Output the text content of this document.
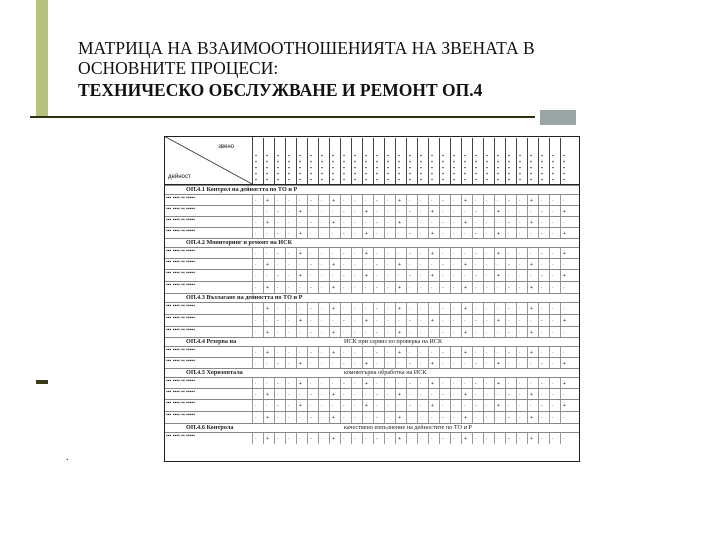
МАТРИЦА НА ВЗАИМООТНОШЕНИЯТА НА ЗВЕНАТА В
ОСНОВНИТЕ ПРОЦЕСИ:
ТЕХНИЧЕСКО ОБСЛУЖВАНЕ И РЕМОНТ ОП.4
.
звено
дейност	▪▪▪▪▪ ▪▪▪▪▪ ▪▪▪▪▪ ▪▪▪▪▪ ▪▪▪▪▪ ▪▪▪▪▪ ▪▪▪▪▪ ▪▪▪▪▪ ▪▪▪▪▪ ▪▪▪▪▪ ▪▪▪▪▪ ▪▪▪▪▪ ▪▪▪▪▪ ▪▪▪▪▪ ▪▪▪▪▪ ▪▪▪▪▪ ▪▪▪▪▪ ▪▪▪▪▪ ▪▪▪▪▪ ▪▪▪▪▪ ▪▪▪▪▪ ▪▪▪▪▪ ▪▪▪▪▪ ▪▪▪▪▪ ▪▪▪▪▪ ▪▪▪▪▪ ▪▪▪▪▪ ▪▪▪▪▪ ▪▪▪▪▪
ОП.4.1 Контрол на дейността по ТО и Р
▪▪▪ ▪▪▪▪ ▪▪ ▪▪▪▪▪	· + · · · - · + · · · - · + · · · - · + · · · - · + · · ·
▪▪▪ ▪▪▪▪ ▪▪ ▪▪▪▪▪	· · - · + · · · - · + · · · - · + · · · - · + · · · - · +
▪▪▪ ▪▪▪▪ ▪▪ ▪▪▪▪▪	· + · · · - · + · · · - · + · · · - · + · · · - · + · · ·
▪▪▪ ▪▪▪▪ ▪▪ ▪▪▪▪▪	· · - · + · · · - · + · · · - · + · · · - · + · · · - · +
ОП.4.2 Мониторинг и ремонт на ИСК
▪▪▪ ▪▪▪▪ ▪▪ ▪▪▪▪▪	· · - · + · · · - · + · · · - · + · · · - · + · · · - · +
▪▪▪ ▪▪▪▪ ▪▪ ▪▪▪▪▪	· + · · · - · + · · · - · + · · · - · + · · · - · + · · ·
▪▪▪ ▪▪▪▪ ▪▪ ▪▪▪▪▪	· · - · + · · · - · + · · · - · + · · · - · + · · · - · +
▪▪▪ ▪▪▪▪ ▪▪ ▪▪▪▪▪	· + · · · - · + · · · - · + · · · - · + · · · - · + · · ·
ОП.4.3 Възлагане на дейността по ТО и Р
▪▪▪ ▪▪▪▪ ▪▪ ▪▪▪▪▪	· + · · · - · + · · · - · + · · · - · + · · · - · + · · ·
▪▪▪ ▪▪▪▪ ▪▪ ▪▪▪▪▪	· · - · + · · · - · + · · · - · + · · · - · + · · · - · +
▪▪▪ ▪▪▪▪ ▪▪ ▪▪▪▪▪	· + · · · - · + · · · - · + · · · - · + · · · - · + · · ·
ОП.4.4 Резерва на	ИСК при сервиз по проверка на ИСК
▪▪▪ ▪▪▪▪ ▪▪ ▪▪▪▪▪	· + · · · - · + · · · - · + · · · - · + · · · - · + · · ·
▪▪▪ ▪▪▪▪ ▪▪ ▪▪▪▪▪	· · - · + · · · - · + · · · - · + · · · - · + · · · - · +
ОП.4.5 Хоризонтала	компютърна обработка на ИСК
▪▪▪ ▪▪▪▪ ▪▪ ▪▪▪▪▪	· · - · + · · · - · + · · · - · + · · · - · + · · · - · +
▪▪▪ ▪▪▪▪ ▪▪ ▪▪▪▪▪	· + · · · - · + · · · - · + · · · - · + · · · - · + · · ·
▪▪▪ ▪▪▪▪ ▪▪ ▪▪▪▪▪	· · - · + · · · - · + · · · - · + · · · - · + · · · - · +
▪▪▪ ▪▪▪▪ ▪▪ ▪▪▪▪▪	· + · · · - · + · · · - · + · · · - · + · · · - · + · · ·
ОП.4.6 Контрола	качествено изпълнение на дейностите по ТО и Р
▪▪▪ ▪▪▪▪ ▪▪ ▪▪▪▪▪	· + · · · - · + · · · - · + · · · - · + · · · - · + · · ·
